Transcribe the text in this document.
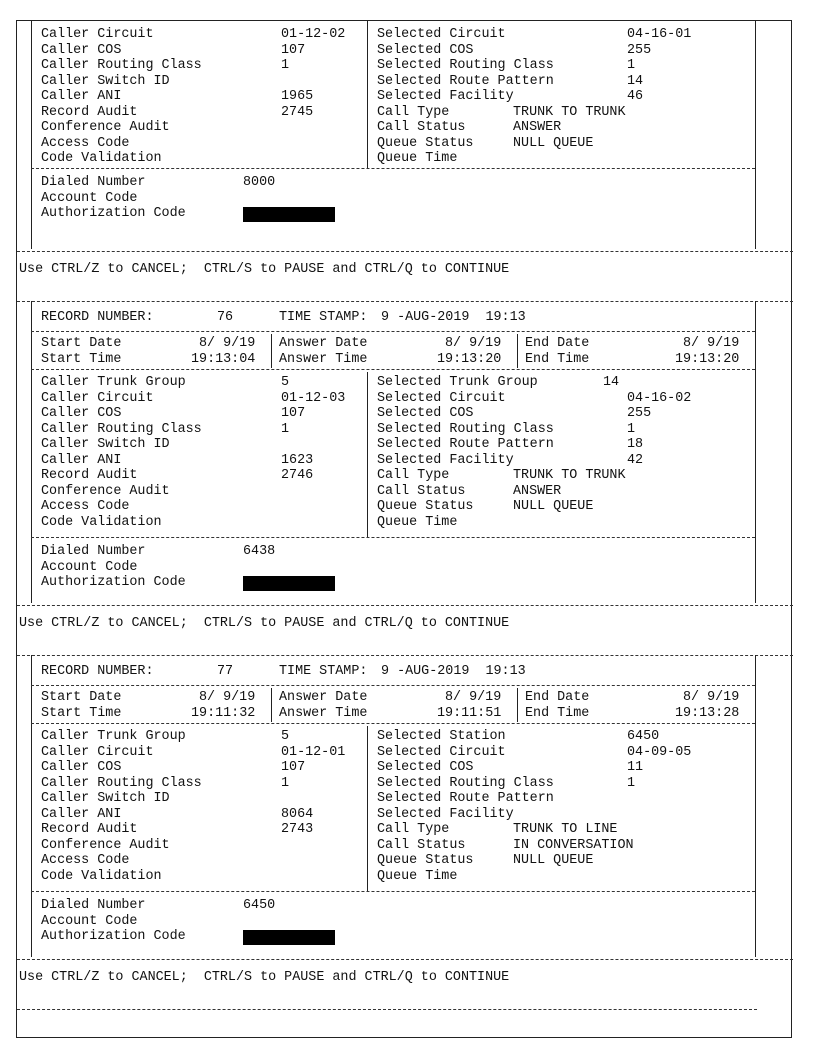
Caller Circuit	01-12-02
Caller COS	107
Caller Routing Class	1
Caller Switch ID
Caller ANI	1965
Record Audit	2745
Conference Audit
Access Code
Code Validation
Selected Circuit	04-16-01
Selected COS	255
Selected Routing Class	1
Selected Route Pattern	14
Selected Facility	46
Call Type	TRUNK TO TRUNK
Call Status	ANSWER
Queue Status	NULL QUEUE
Queue Time
Dialed Number	8000
Account Code
Authorization Code
Use CTRL/Z to CANCEL;  CTRL/S to PAUSE and CTRL/Q to CONTINUE
RECORD NUMBER:	76	TIME STAMP: 9 -AUG-2019  19:13
Start Date	8/ 9/19
Start Time	19:13:04
Answer Date	8/ 9/19
Answer Time	19:13:20
End Date	8/ 9/19
End Time	19:13:20
Caller Trunk Group	5
Caller Circuit	01-12-03
Caller COS	107
Caller Routing Class	1
Caller Switch ID
Caller ANI	1623
Record Audit	2746
Conference Audit
Access Code
Code Validation
Selected Trunk Group	14
Selected Circuit	04-16-02
Selected COS	255
Selected Routing Class	1
Selected Route Pattern	18
Selected Facility	42
Call Type	TRUNK TO TRUNK
Call Status	ANSWER
Queue Status	NULL QUEUE
Queue Time
Dialed Number	6438
Account Code
Authorization Code
Use CTRL/Z to CANCEL;  CTRL/S to PAUSE and CTRL/Q to CONTINUE
RECORD NUMBER:	77	TIME STAMP: 9 -AUG-2019  19:13
Start Date	8/ 9/19
Start Time	19:11:32
Answer Date	8/ 9/19
Answer Time	19:11:51
End Date	8/ 9/19
End Time	19:13:28
Caller Trunk Group	5
Caller Circuit	01-12-01
Caller COS	107
Caller Routing Class	1
Caller Switch ID
Caller ANI	8064
Record Audit	2743
Conference Audit
Access Code
Code Validation
Selected Station	6450
Selected Circuit	04-09-05
Selected COS	11
Selected Routing Class	1
Selected Route Pattern
Selected Facility
Call Type	TRUNK TO LINE
Call Status	IN CONVERSATION
Queue Status	NULL QUEUE
Queue Time
Dialed Number	6450
Account Code
Authorization Code
Use CTRL/Z to CANCEL;  CTRL/S to PAUSE and CTRL/Q to CONTINUE
